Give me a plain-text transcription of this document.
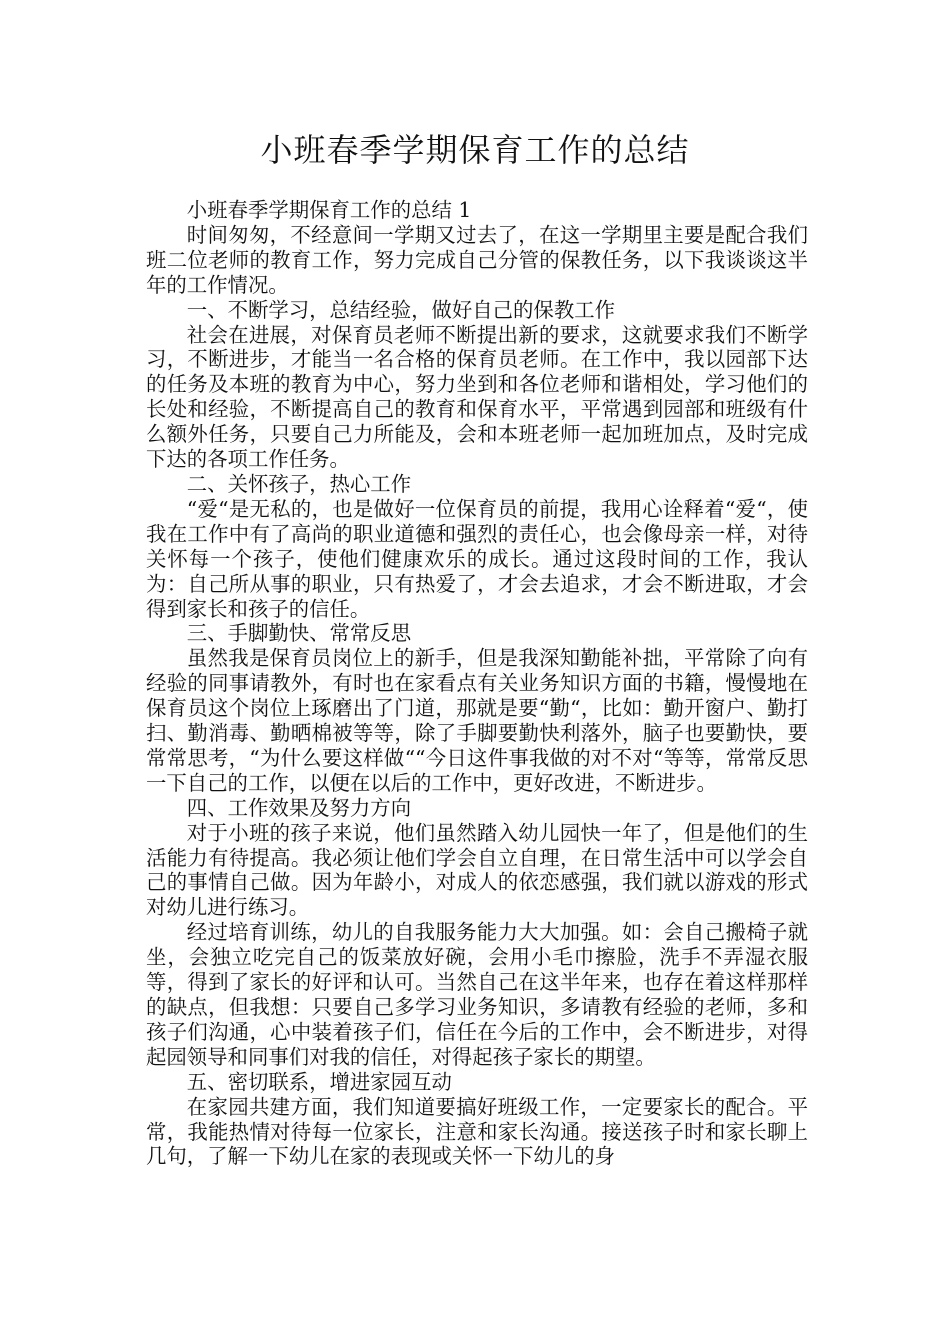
小班春季学期保育工作的总结

小班春季学期保育工作的总结 1

时间匆匆，不经意间一学期又过去了，在这一学期里主要是配合我们班二位老师的教育工作，努力完成自己分管的保教任务，以下我谈谈这半年的工作情况。

一、不断学习，总结经验，做好自己的保教工作

社会在进展，对保育员老师不断提出新的要求，这就要求我们不断学习，不断进步，才能当一名合格的保育员老师。在工作中，我以园部下达的任务及本班的教育为中心，努力坐到和各位老师和谐相处，学习他们的长处和经验，不断提高自己的教育和保育水平，平常遇到园部和班级有什么额外任务，只要自己力所能及，会和本班老师一起加班加点，及时完成下达的各项工作任务。

二、关怀孩子，热心工作

“爱“是无私的，也是做好一位保育员的前提，我用心诠释着“爱“，使我在工作中有了高尚的职业道德和强烈的责任心，也会像母亲一样，对待关怀每一个孩子，使他们健康欢乐的成长。通过这段时间的工作，我认为：自己所从事的职业，只有热爱了，才会去追求，才会不断进取，才会得到家长和孩子的信任。

三、手脚勤快、常常反思

虽然我是保育员岗位上的新手，但是我深知勤能补拙，平常除了向有经验的同事请教外，有时也在家看点有关业务知识方面的书籍，慢慢地在保育员这个岗位上琢磨出了门道，那就是要“勤“，比如：勤开窗户、勤打扫、勤消毒、勤晒棉被等等，除了手脚要勤快利落外，脑子也要勤快，要常常思考，“为什么要这样做““今日这件事我做的对不对“等等，常常反思一下自己的工作，以便在以后的工作中，更好改进，不断进步。

四、工作效果及努力方向

对于小班的孩子来说，他们虽然踏入幼儿园快一年了，但是他们的生活能力有待提高。我必须让他们学会自立自理，在日常生活中可以学会自己的事情自己做。因为年龄小，对成人的依恋感强，我们就以游戏的形式对幼儿进行练习。

经过培育训练，幼儿的自我服务能力大大加强。如：会自己搬椅子就坐，会独立吃完自己的饭菜放好碗，会用小毛巾擦脸，洗手不弄湿衣服等，得到了家长的好评和认可。当然自己在这半年来，也存在着这样那样的缺点，但我想：只要自己多学习业务知识，多请教有经验的老师，多和孩子们沟通，心中装着孩子们，信任在今后的工作中，会不断进步，对得起园领导和同事们对我的信任，对得起孩子家长的期望。

五、密切联系，增进家园互动

在家园共建方面，我们知道要搞好班级工作，一定要家长的配合。平常，我能热情对待每一位家长，注意和家长沟通。接送孩子时和家长聊上几句，了解一下幼儿在家的表现或关怀一下幼儿的身
